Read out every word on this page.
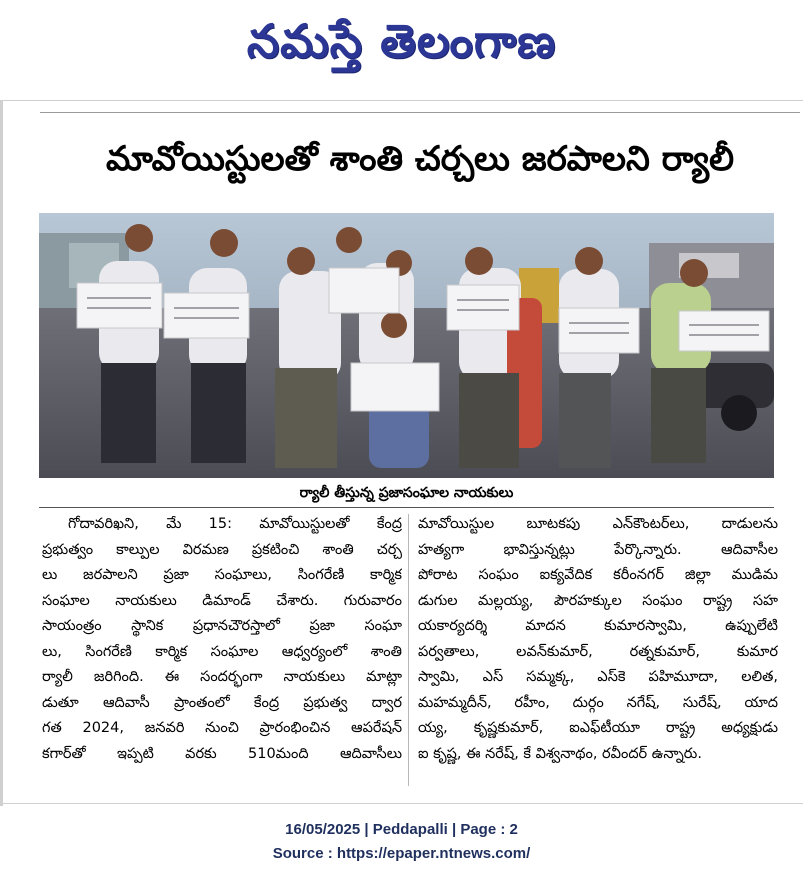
నమస్తే తెలంగాణ
మావోయిస్టులతో శాంతి చర్చలు జరపాలని ర్యాలీ
ర్యాలీ తీస్తున్న ప్రజాసంఘాల నాయకులు
గోదావరిఖని, మే 15: మావోయిస్టులతో కేంద్ర
ప్రభుత్వం కాల్పుల విరమణ ప్రకటించి శాంతి చర్చ
లు జరపాలని ప్రజా సంఘాలు, సింగరేణి కార్మిక
సంఘాల నాయకులు డిమాండ్ చేశారు. గురువారం
సాయంత్రం స్థానిక ప్రధానచౌరస్తాలో ప్రజా సంఘా
లు, సింగరేణి కార్మిక సంఘాల ఆధ్వర్యంలో శాంతి
ర్యాలీ జరిగింది. ఈ సందర్భంగా నాయకులు మాట్లా
డుతూ ఆదివాసీ ప్రాంతంలో కేంద్ర ప్రభుత్వ ద్వార
గత 2024, జనవరి నుంచి ప్రారంభించిన ఆపరేషన్
కగార్‌తో ఇప్పటి వరకు 510మంది ఆదివాసీలు
మావోయిస్టుల బూటకపు ఎన్‌కౌంటర్‌లు, దాడులను
హత్యగా భావిస్తున్నట్లు పేర్కొన్నారు. ఆదివాసీల
పోరాట సంఘం ఐక్యవేదిక కరీంనగర్ జిల్లా ముడిమ
డుగుల మల్లయ్య, పౌరహక్కుల సంఘం రాష్ట్ర సహ
యకార్యదర్శి మాదన కుమారస్వామి, ఉప్పులేటి
పర్వతాలు, లవన్‌కుమార్, రత్నకుమార్, కుమార
స్వామి, ఎస్ సమ్మక్క, ఎస్‌కె పహిమూదా, లలిత,
మహమ్మదీన్, రహీం, దుర్గం నగేష్, సురేష్, యాద
య్య, కృష్ణకుమార్, ఐఎఫ్‌టీయూ రాష్ట్ర అధ్యక్షుడు
ఐ కృష్ణ, ఈ నరేష్, కే విశ్వనాథం, రవీందర్ ఉన్నారు.
16/05/2025 | Peddapalli | Page : 2
Source : https://epaper.ntnews.com/
